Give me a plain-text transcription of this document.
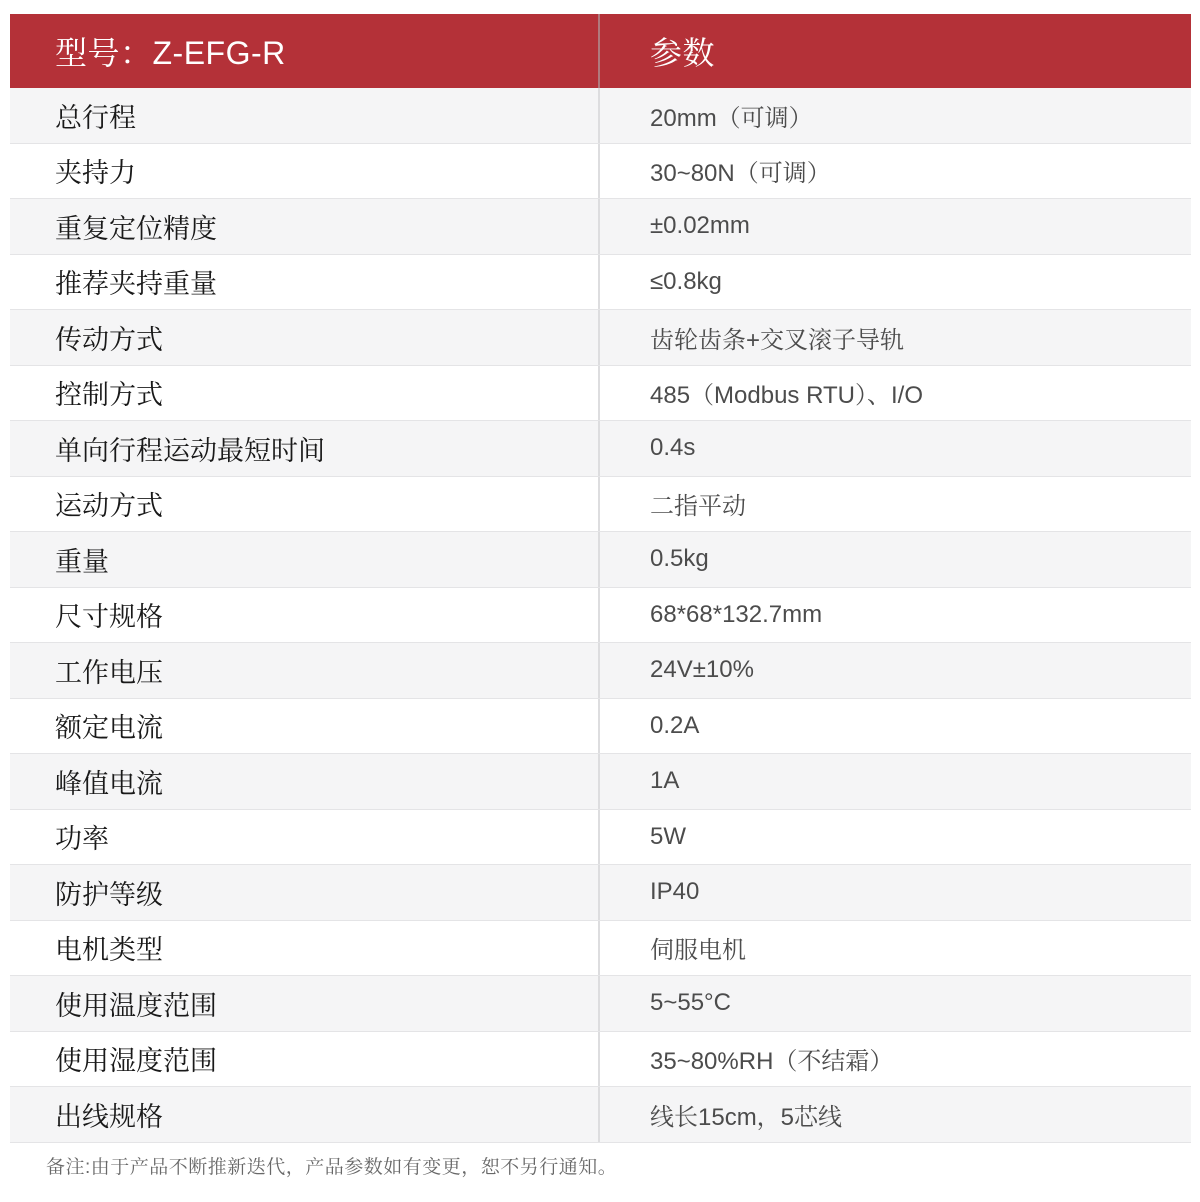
型号：Z-EFG-R	参数
总行程	20mm（可调）
夹持力	30~80N（可调）
重复定位精度	±0.02mm
推荐夹持重量	≤0.8kg
传动方式	齿轮齿条+交叉滚子导轨
控制方式	485（Modbus RTU）、I/O
单向行程运动最短时间	0.4s
运动方式	二指平动
重量	0.5kg
尺寸规格	68*68*132.7mm
工作电压	24V±10%
额定电流	0.2A
峰值电流	1A
功率	5W
防护等级	IP40
电机类型	伺服电机
使用温度范围	5~55°C
使用湿度范围	35~80%RH（不结霜）
出线规格	线长15cm，5芯线
备注:由于产品不断推新迭代，产品参数如有变更，恕不另行通知。
